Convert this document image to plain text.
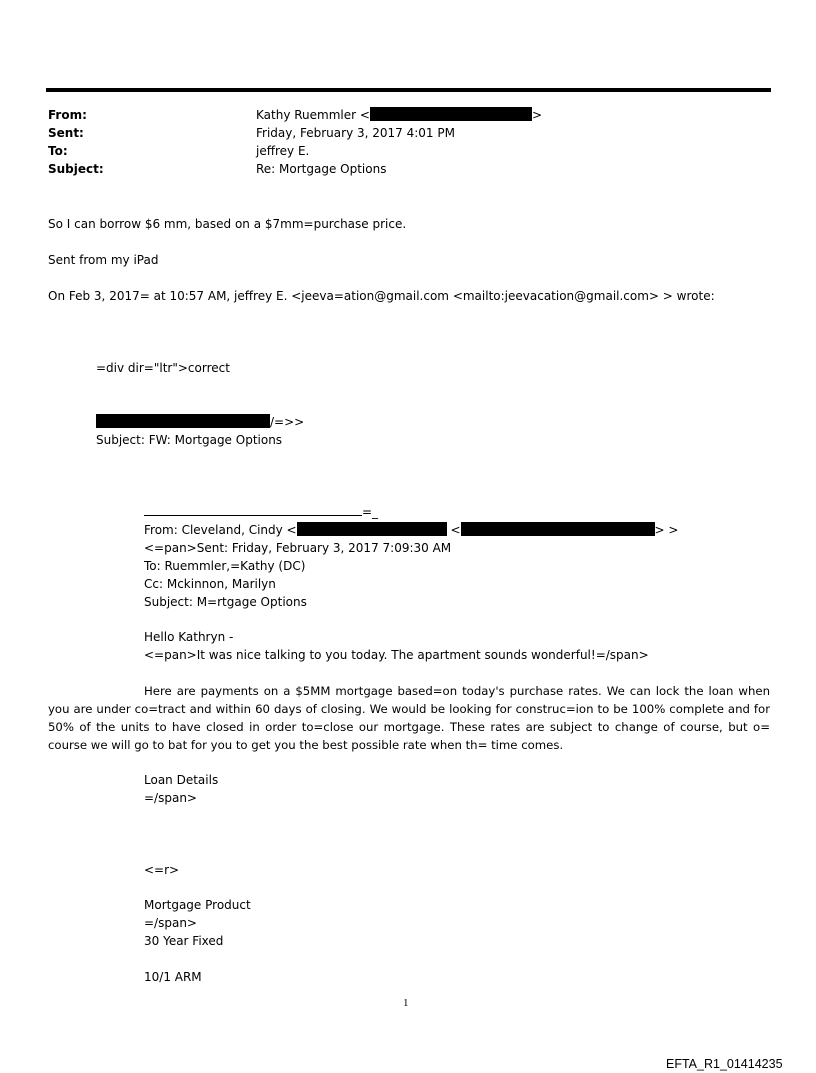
From:	Kathy Ruemmler <	>
Sent:	Friday, February 3, 2017 4:01 PM
To:	jeffrey E.
Subject:	Re: Mortgage Options
So I can borrow $6 mm, based on a $7mm=purchase price.
Sent from my iPad
On Feb 3, 2017= at 10:57 AM, jeffrey E. <jeeva=ation@gmail.com <mailto:jeevacation@gmail.com> > wrote:
=div dir="ltr">correct
/=>>
Subject: FW: Mortgage Options
=_
From: Cleveland, Cindy <	<	> >
<=pan>Sent: Friday, February 3, 2017 7:09:30 AM
To: Ruemmler,=Kathy (DC)
Cc: Mckinnon, Marilyn
Subject: M=rtgage Options
Hello Kathryn -
<=pan>It was nice talking to you today. The apartment sounds wonderful!=/span>
Here are payments on a $5MM mortgage based=on today's purchase rates. We can lock the loan when you are under co=tract and within 60 days of closing. We would be looking for construc=ion to be 100% complete and for 50% of the units to have closed in order to=close our mortgage. These rates are subject to change of course, but o= course we will go to bat for you to get you the best possible rate when th= time comes.
Loan Details
=/span>
<=r>
Mortgage Product
=/span>
30 Year Fixed
10/1 ARM
1
EFTA_R1_01414235
